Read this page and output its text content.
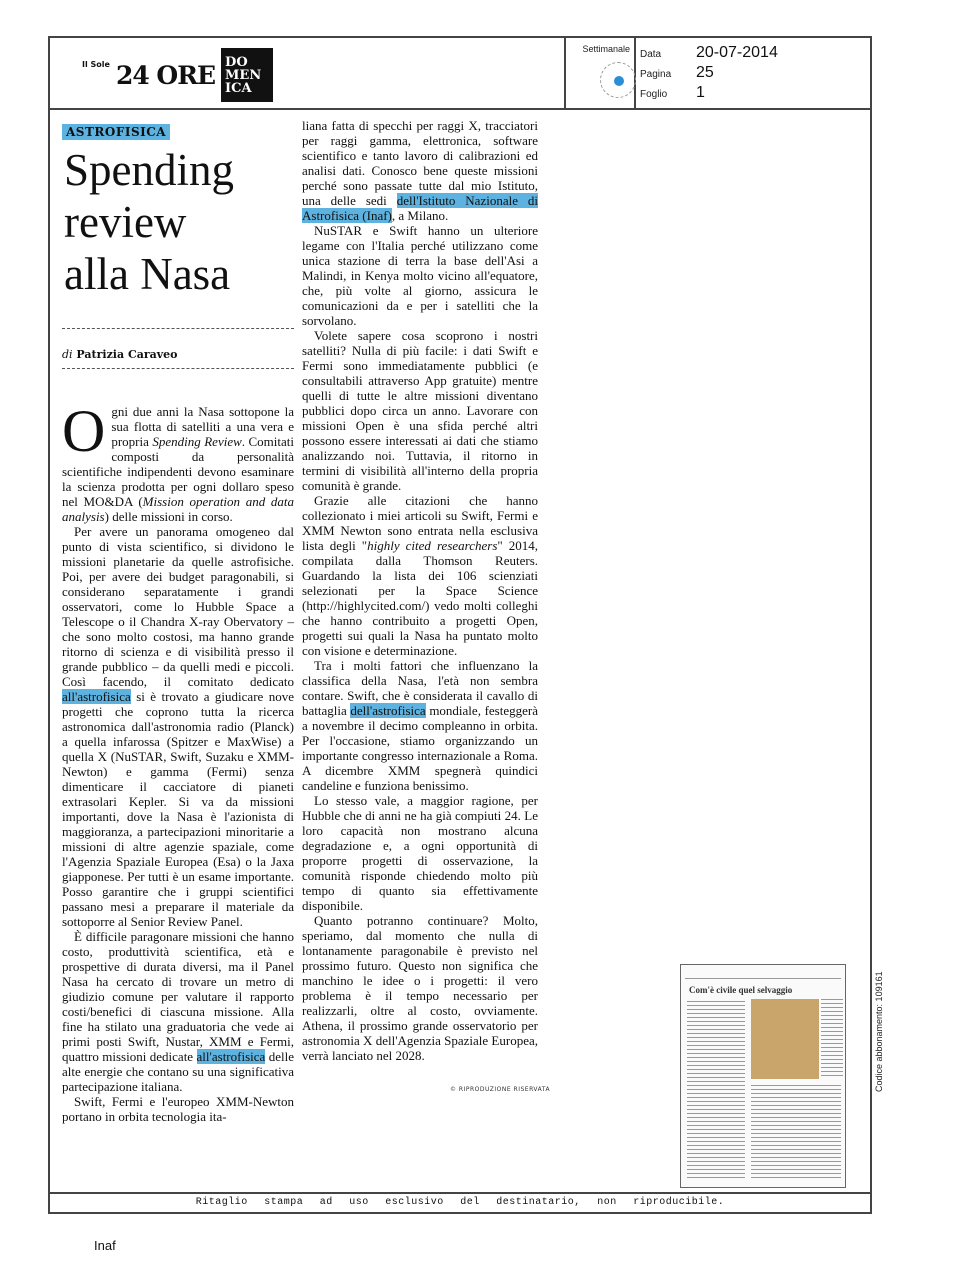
Il Sole 24 ORE DO
MEN
ICA
Settimanale Data	20-07-2014
Pagina	25
Foglio	1
ASTROFISICA
Spending
review
alla Nasa
di Patrizia Caraveo

Ogni due anni la Nasa sottopone la sua flotta di satelliti a una vera e propria Spending Review. Comitati composti da personalità scientifiche indipendenti devono esaminare la scienza prodotta per ogni dollaro speso nel MO&DA (Mission operation and data analysis) delle missioni in corso.

Per avere un panorama omogeneo dal punto di vista scientifico, si dividono le missioni planetarie da quelle astrofisiche. Poi, per avere dei budget paragonabili, si considerano separatamente i grandi osservatori, come lo Hubble Space a Telescope o il Chandra X-ray Obervatory – che sono molto costosi, ma hanno grande ritorno di scienza e di visibilità presso il grande pubblico – da quelli medi e piccoli. Così facendo, il comitato dedicato all'astrofisica si è trovato a giudicare nove progetti che coprono tutta la ricerca astronomica dall'astronomia radio (Planck) a quella infarossa (Spitzer e MaxWise) a quella X (NuSTAR, Swift, Suzaku e XMM-Newton) e gamma (Fermi) senza dimenticare il cacciatore di pianeti extrasolari Kepler. Si va da missioni importanti, dove la Nasa è l'azionista di maggioranza, a partecipazioni minoritarie a missioni di altre agenzie spaziale, come l'Agenzia Spaziale Europea (Esa) o la Jaxa giapponese. Per tutti è un esame importante. Posso garantire che i gruppi scientifici passano mesi a preparare il materiale da sottoporre al Senior Review Panel.

È difficile paragonare missioni che hanno costo, produttività scientifica, età e prospettive di durata diversi, ma il Panel Nasa ha cercato di trovare un metro di giudizio comune per valutare il rapporto costi/benefici di ciascuna missione. Alla fine ha stilato una graduatoria che vede ai primi posti Swift, Nustar, XMM e Fermi, quattro missioni dedicate all'astrofisica delle alte energie che contano su una significativa partecipazione italiana.

Swift, Fermi e l'europeo XMM-Newton portano in orbita tecnologia ita-

liana fatta di specchi per raggi X, tracciatori per raggi gamma, elettronica, software scientifico e tanto lavoro di calibrazioni ed analisi dati. Conosco bene queste missioni perché sono passate tutte dal mio Istituto, una delle sedi dell'Istituto Nazionale di Astrofisica (Inaf), a Milano.

NuSTAR e Swift hanno un ulteriore legame con l'Italia perché utilizzano come unica stazione di terra la base dell'Asi a Malindi, in Kenya molto vicino all'equatore, che, più volte al giorno, assicura le comunicazioni da e per i satelliti che la sorvolano.

Volete sapere cosa scoprono i nostri satelliti? Nulla di più facile: i dati Swift e Fermi sono immediatamente pubblici (e consultabili attraverso App gratuite) mentre quelli di tutte le altre missioni diventano pubblici dopo circa un anno. Lavorare con missioni Open è una sfida perché altri possono essere interessati ai dati che stiamo analizzando noi. Tuttavia, il ritorno in termini di visibilità all'interno della propria comunità è grande.

Grazie alle citazioni che hanno collezionato i miei articoli su Swift, Fermi e XMM Newton sono entrata nella esclusiva lista degli "highly cited researchers" 2014, compilata dalla Thomson Reuters. Guardando la lista dei 106 scienziati selezionati per la Space Science (http://highlycited.com/) vedo molti colleghi che hanno contribuito a progetti Open, progetti sui quali la Nasa ha puntato molto con visione e determinazione.

Tra i molti fattori che influenzano la classifica della Nasa, l'età non sembra contare. Swift, che è considerata il cavallo di battaglia dell'astrofisica mondiale, festeggerà a novembre il decimo compleanno in orbita. Per l'occasione, stiamo organizzando un importante congresso internazionale a Roma. A dicembre XMM spegnerà quindici candeline e funziona benissimo.

Lo stesso vale, a maggior ragione, per Hubble che di anni ne ha già compiuti 24. Le loro capacità non mostrano alcuna degradazione e, a ogni opportunità di proporre progetti di osservazione, la comunità risponde chiedendo molto più tempo di quanto sia effettivamente disponibile.

Quanto potranno continuare? Molto, speriamo, dal momento che nulla di lontanamente paragonabile è previsto nel prossimo futuro. Questo non significa che manchino le idee o i progetti: il vero problema è il tempo necessario per realizzarli, oltre al costo, ovviamente. Athena, il prossimo grande osservatorio per astronomia X dell'Agenzia Spaziale Europea, verrà lanciato nel 2028.

© RIPRODUZIONE RISERVATA
Com'è civile quel selvaggio	Codice abbonamento: 109161
Ritaglio stampa ad uso esclusivo del destinatario, non riproducibile.
Inaf
